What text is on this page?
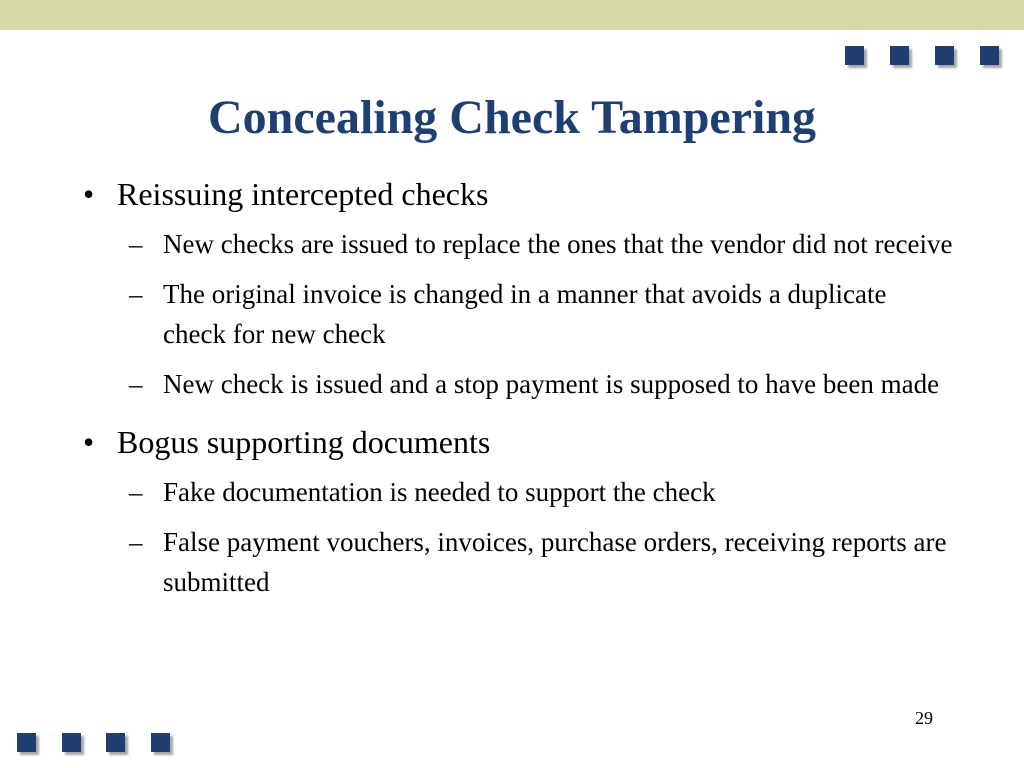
Concealing Check Tampering
• Reissuing intercepted checks
– New checks are issued to replace the ones that the vendor did not receive
– The original invoice is changed in a manner that avoids a duplicate check for new check
– New check is issued and a stop payment is supposed to have been made
• Bogus supporting documents
– Fake documentation is needed to support the check
– False payment vouchers, invoices, purchase orders, receiving reports are submitted
29
